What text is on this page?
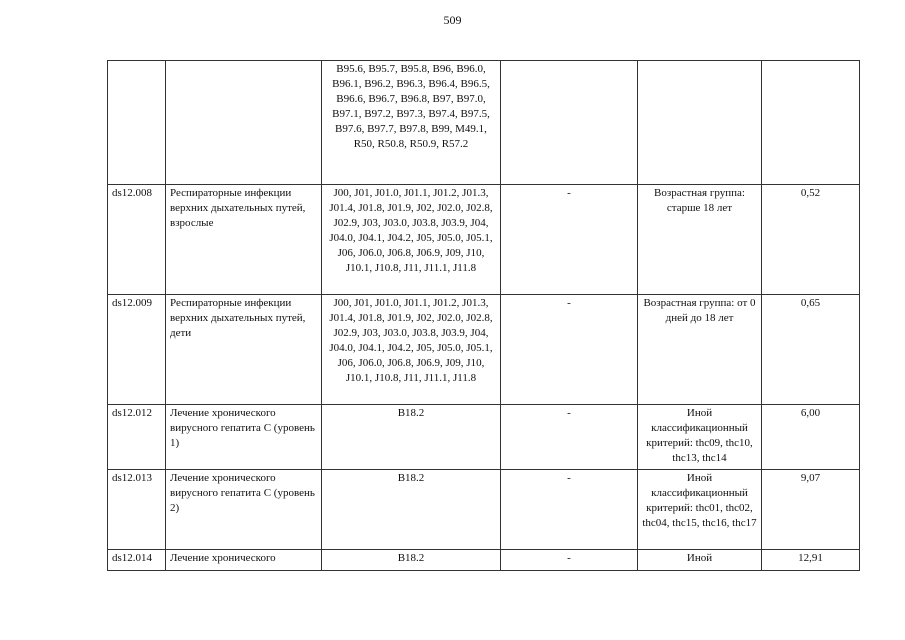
509
		B95.6, B95.7, B95.8, B96, B96.0, B96.1, B96.2, B96.3, B96.4, B96.5, B96.6, B96.7, B96.8, B97, B97.0, B97.1, B97.2, B97.3, B97.4, B97.5, B97.6, B97.7, B97.8, B99, M49.1, R50, R50.8, R50.9, R57.2			
ds12.008	Респираторные инфекции верхних дыхательных путей, взрослые	J00, J01, J01.0, J01.1, J01.2, J01.3, J01.4, J01.8, J01.9, J02, J02.0, J02.8, J02.9, J03, J03.0, J03.8, J03.9, J04, J04.0, J04.1, J04.2, J05, J05.0, J05.1, J06, J06.0, J06.8, J06.9, J09, J10, J10.1, J10.8, J11, J11.1, J11.8	-	Возрастная группа: старше 18 лет	0,52
ds12.009	Респираторные инфекции верхних дыхательных путей, дети	J00, J01, J01.0, J01.1, J01.2, J01.3, J01.4, J01.8, J01.9, J02, J02.0, J02.8, J02.9, J03, J03.0, J03.8, J03.9, J04, J04.0, J04.1, J04.2, J05, J05.0, J05.1, J06, J06.0, J06.8, J06.9, J09, J10, J10.1, J10.8, J11, J11.1, J11.8	-	Возрастная группа: от 0 дней до 18 лет	0,65
ds12.012	Лечение хронического вирусного гепатита C (уровень 1)	B18.2	-	Иной классификационный критерий: thc09, thc10, thc13, thc14	6,00
ds12.013	Лечение хронического вирусного гепатита C (уровень 2)	B18.2	-	Иной классификационный критерий: thc01, thc02, thc04, thc15, thc16, thc17	9,07
ds12.014	Лечение хронического	B18.2	-	Иной	12,91
